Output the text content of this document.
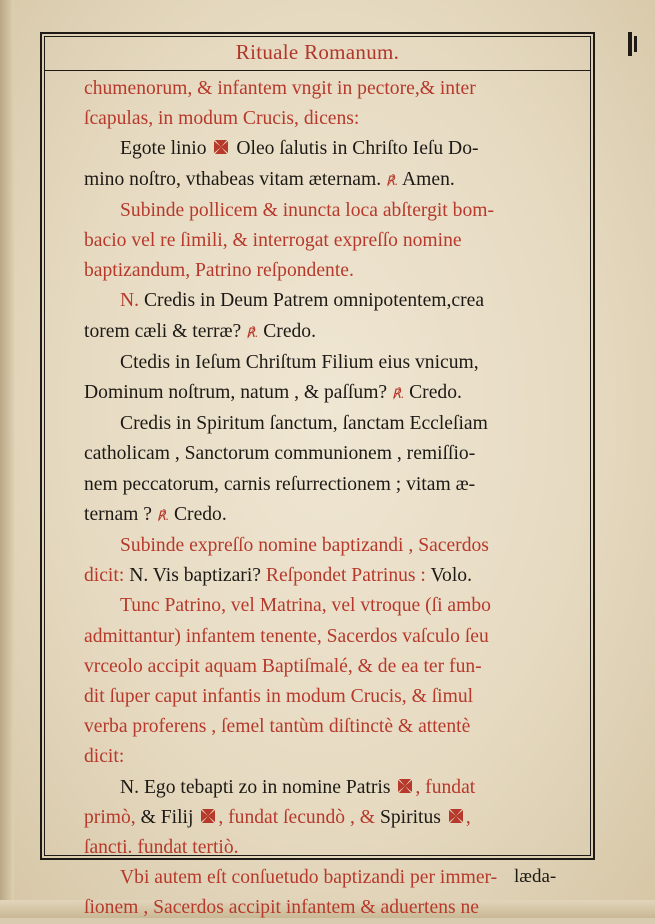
Rituale Romanum.

chumenorum, & infantem vngit in pectore,& inter

ſcapulas, in modum Crucis, dicens:

Egote linio Oleo ſalutis in Chriſto Ieſu Do-

mino noſtro, vthabeas vitam æternam. ℟. Amen.

Subinde pollicem & inuncta loca abſtergit bom-

bacio vel re ſimili, & interrogat expreſſo nomine

baptizandum, Patrino reſpondente.

N. Credis in Deum Patrem omnipotentem,crea

torem cæli & terræ? ℟. Credo.

Ctedis in Ieſum Chriſtum Filium eius vnicum,

Dominum noſtrum, natum , & paſſum? ℟. Credo.

Credis in Spiritum ſanctum, ſanctam Eccleſiam

catholicam , Sanctorum communionem , remiſſio-

nem peccatorum, carnis reſurrectionem ; vitam æ-

ternam ? ℟. Credo.

Subinde expreſſo nomine baptizandi , Sacerdos

dicit: N. Vis baptizari? Reſpondet Patrinus : Volo.

Tunc Patrino, vel Matrina, vel vtroque (ſi ambo

admittantur) infantem tenente, Sacerdos vaſculo ſeu

vrceolo accipit aquam Baptiſmalé, & de ea ter fun-

dit ſuper caput infantis in modum Crucis, & ſimul

verba proferens , ſemel tantùm diſtinctè & attentè

dicit:

N. Ego tebapti zo in nomine Patris , fundat

primò, & Filij , fundat ſecundò , & Spiritus ,

ſancti. fundat tertiò.

Vbi autem eſt conſuetudo baptizandi per immer-

ſionem , Sacerdos accipit infantem & aduertens ne

læda-
